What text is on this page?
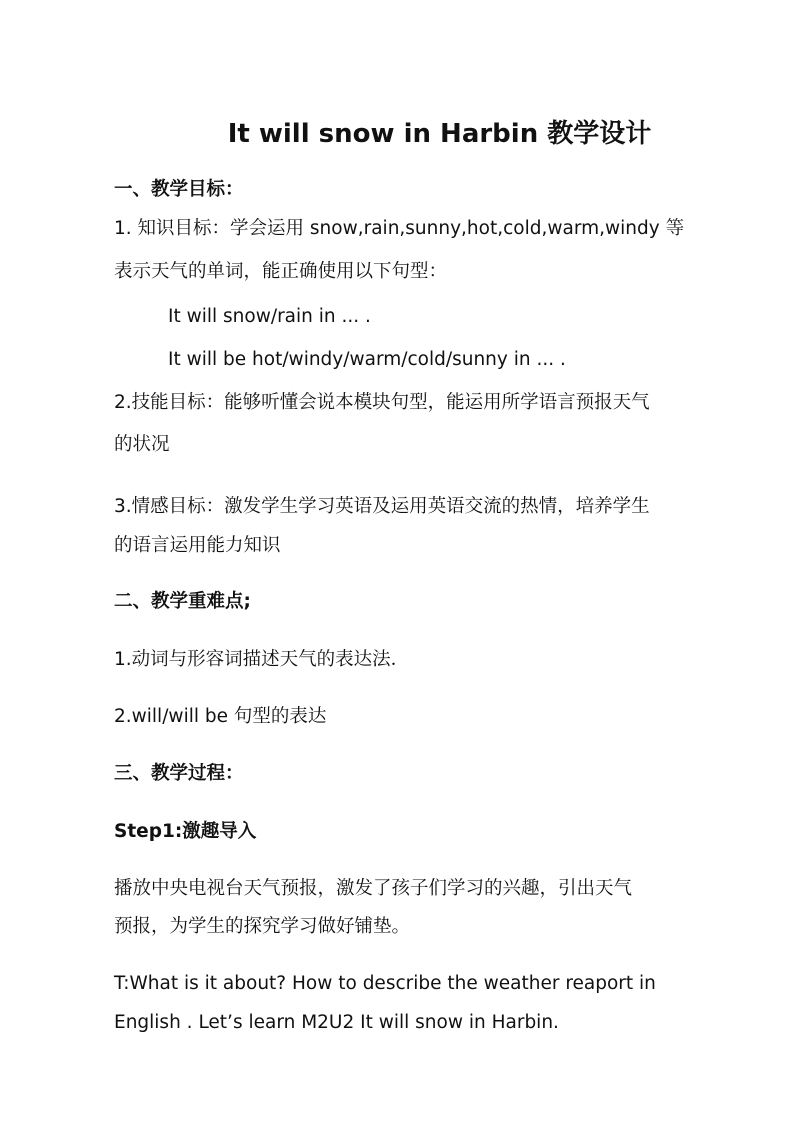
It will snow in Harbin 教学设计
一、教学目标：
1. 知识目标：学会运用 snow,rain,sunny,hot,cold,warm,windy 等
表示天气的单词，能正确使用以下句型：
It will snow/rain in ... .
It will be hot/windy/warm/cold/sunny in ... .
2.技能目标：能够听懂会说本模块句型，能运用所学语言预报天气
的状况
3.情感目标：激发学生学习英语及运用英语交流的热情，培养学生
的语言运用能力知识
二、教学重难点;
1.动词与形容词描述天气的表达法．
2.will/will be 句型的表达
三、教学过程：
Step1:激趣导入
播放中央电视台天气预报，激发了孩子们学习的兴趣，引出天气
预报，为学生的探究学习做好铺垫。
T:What is it about? How to describe the weather reaport in
English . Let’s learn M2U2 It will snow in Harbin.
